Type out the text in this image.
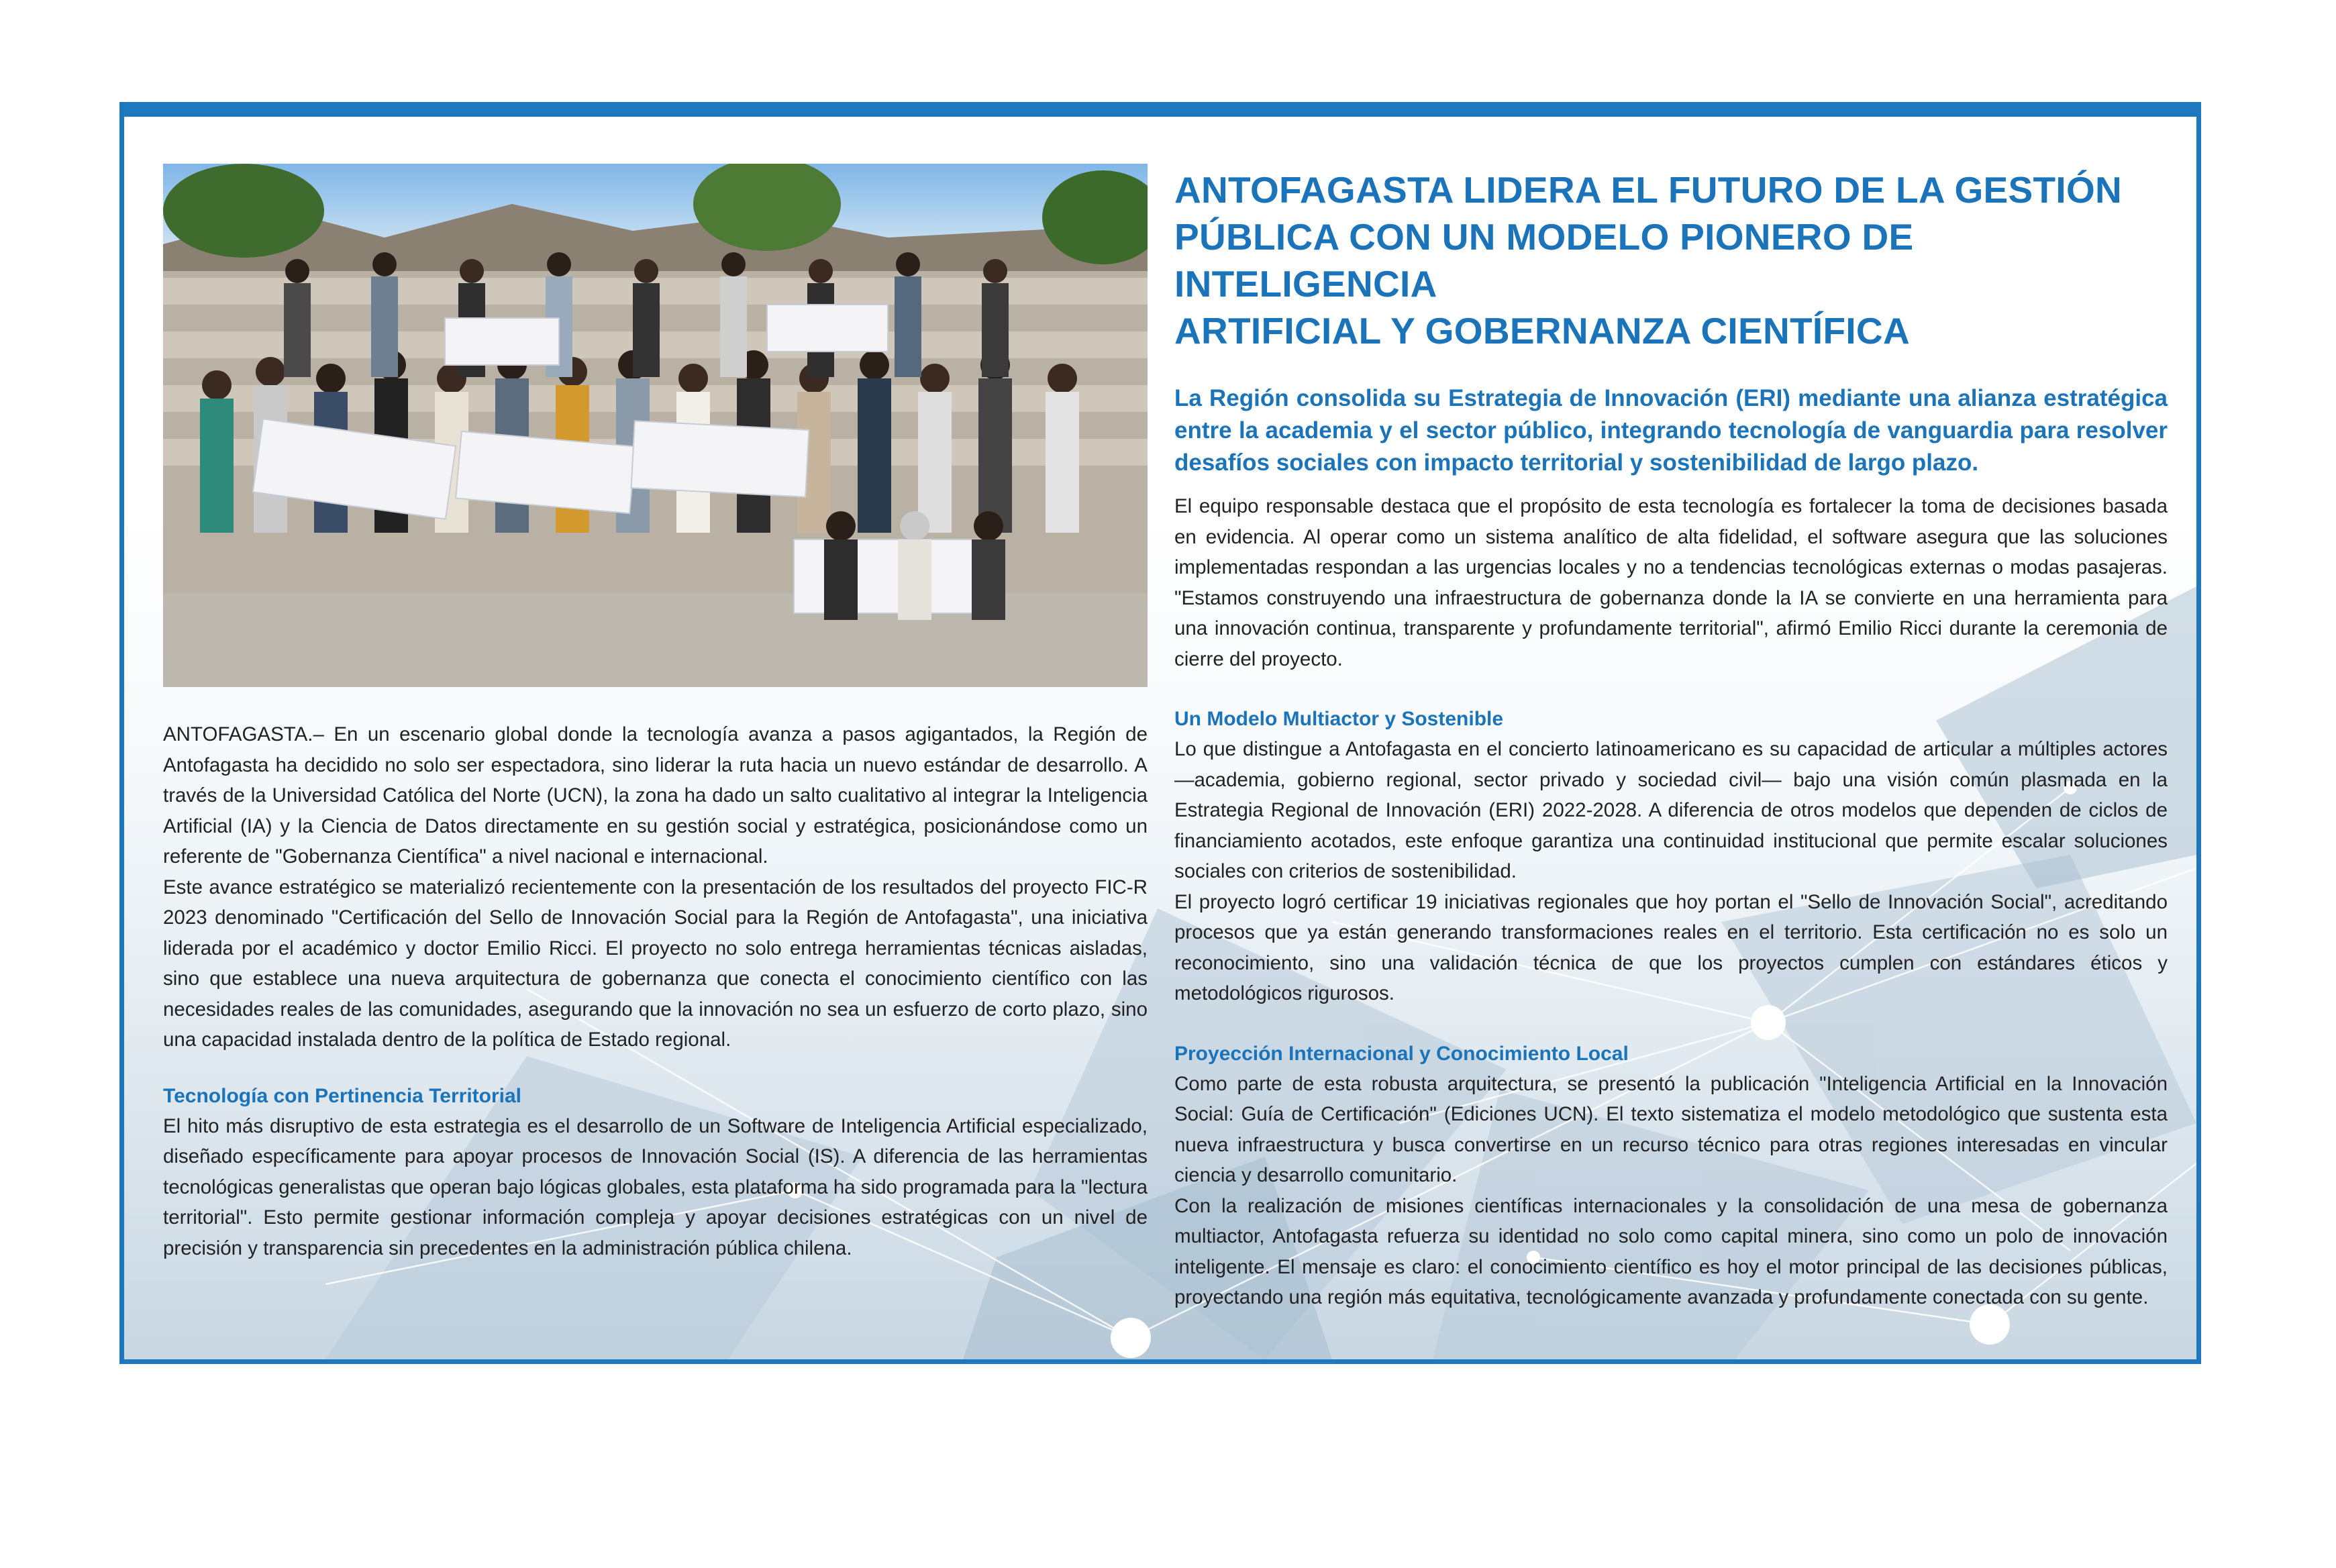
ANTOFAGASTA.– En un escenario global donde la tecnología avanza a pasos agigantados, la Región de Antofagasta ha decidido no solo ser espectadora, sino liderar la ruta hacia un nuevo estándar de desarrollo. A través de la Universidad Católica del Norte (UCN), la zona ha dado un salto cualitativo al integrar la Inteligencia Artificial (IA) y la Ciencia de Datos directamente en su gestión social y estratégica, posicionándose como un referente de "Gobernanza Científica" a nivel nacional e internacional.

Este avance estratégico se materializó recientemente con la presentación de los resultados del proyecto FIC-R 2023 denominado "Certificación del Sello de Innovación Social para la Región de Antofagasta", una iniciativa liderada por el académico y doctor Emilio Ricci. El proyecto no solo entrega herramientas técnicas aisladas, sino que establece una nueva arquitectura de gobernanza que conecta el conocimiento científico con las necesidades reales de las comunidades, asegurando que la innovación no sea un esfuerzo de corto plazo, sino una capacidad instalada dentro de la política de Estado regional.

Tecnología con Pertinencia Territorial

El hito más disruptivo de esta estrategia es el desarrollo de un Software de Inteligencia Artificial especializado, diseñado específicamente para apoyar procesos de Innovación Social (IS). A diferencia de las herramientas tecnológicas generalistas que operan bajo lógicas globales, esta plataforma ha sido programada para la "lectura territorial". Esto permite gestionar información compleja y apoyar decisiones estratégicas con un nivel de precisión y transparencia sin precedentes en la administración pública chilena.

ANTOFAGASTA LIDERA EL FUTURO DE LA GESTIÓN
PÚBLICA CON UN MODELO PIONERO DE INTELIGENCIA
ARTIFICIAL Y GOBERNANZA CIENTÍFICA

La Región consolida su Estrategia de Innovación (ERI) mediante una alianza estratégica entre la academia y el sector público, integrando tecnología de vanguardia para resolver desafíos sociales con impacto territorial y sostenibilidad de largo plazo.

El equipo responsable destaca que el propósito de esta tecnología es fortalecer la toma de decisiones basada en evidencia. Al operar como un sistema analítico de alta fidelidad, el software asegura que las soluciones implementadas respondan a las urgencias locales y no a tendencias tecnológicas externas o modas pasajeras. "Estamos construyendo una infraestructura de gobernanza donde la IA se convierte en una herramienta para una innovación continua, transparente y profundamente territorial", afirmó Emilio Ricci durante la ceremonia de cierre del proyecto.

Un Modelo Multiactor y Sostenible

Lo que distingue a Antofagasta en el concierto latinoamericano es su capacidad de articular a múltiples actores —academia, gobierno regional, sector privado y sociedad civil— bajo una visión común plasmada en la Estrategia Regional de Innovación (ERI) 2022-2028. A diferencia de otros modelos que dependen de ciclos de financiamiento acotados, este enfoque garantiza una continuidad institucional que permite escalar soluciones sociales con criterios de sostenibilidad.

El proyecto logró certificar 19 iniciativas regionales que hoy portan el "Sello de Innovación Social", acreditando procesos que ya están generando transformaciones reales en el territorio. Esta certificación no es solo un reconocimiento, sino una validación técnica de que los proyectos cumplen con estándares éticos y metodológicos rigurosos.

Proyección Internacional y Conocimiento Local

Como parte de esta robusta arquitectura, se presentó la publicación "Inteligencia Artificial en la Innovación Social: Guía de Certificación" (Ediciones UCN). El texto sistematiza el modelo metodológico que sustenta esta nueva infraestructura y busca convertirse en un recurso técnico para otras regiones interesadas en vincular ciencia y desarrollo comunitario.

Con la realización de misiones científicas internacionales y la consolidación de una mesa de gobernanza multiactor, Antofagasta refuerza su identidad no solo como capital minera, sino como un polo de innovación inteligente. El mensaje es claro: el conocimiento científico es hoy el motor principal de las decisiones públicas, proyectando una región más equitativa, tecnológicamente avanzada y profundamente conectada con su gente.
